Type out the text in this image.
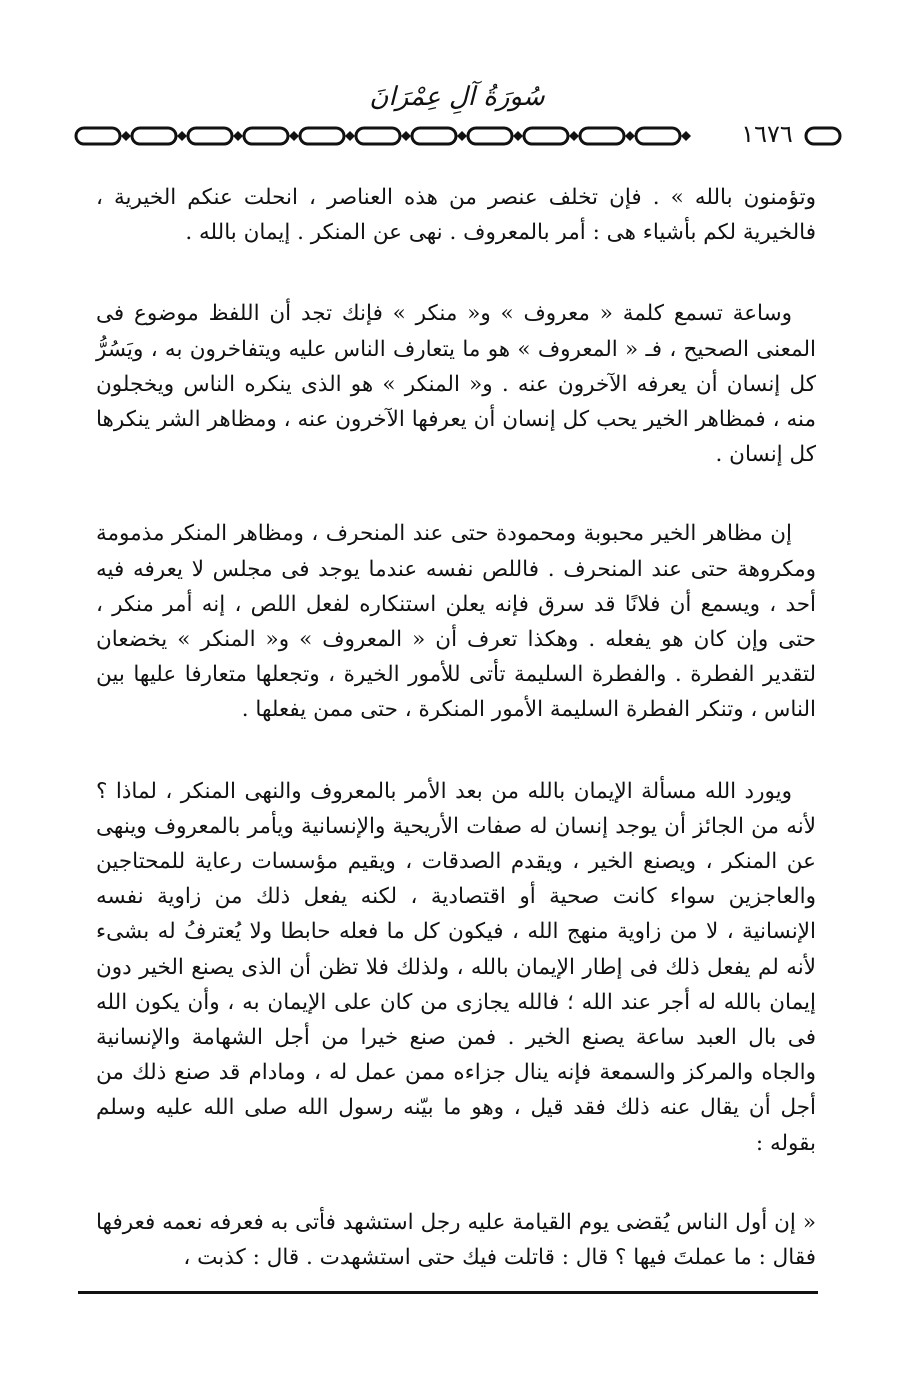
سُورَةُ آلِ عِمْرَانَ
١٦٧٦

وتؤمنون بالله » . فإن تخلف عنصر من هذه العناصر ، انحلت عنكم الخيرية ، فالخيرية لكم بأشياء هى : أمر بالمعروف . نهى عن المنكر . إيمان بالله .

وساعة تسمع كلمة « معروف » و« منكر » فإنك تجد أن اللفظ موضوع فى المعنى الصحيح ، فـ « المعروف » هو ما يتعارف الناس عليه ويتفاخرون به ، ويَسُرُّ كل إنسان أن يعرفه الآخرون عنه . و« المنكر » هو الذى ينكره الناس ويخجلون منه ، فمظاهر الخير يحب كل إنسان أن يعرفها الآخرون عنه ، ومظاهر الشر ينكرها كل إنسان .

إن مظاهر الخير محبوبة ومحمودة حتى عند المنحرف ، ومظاهر المنكر مذمومة ومكروهة حتى عند المنحرف . فاللص نفسه عندما يوجد فى مجلس لا يعرفه فيه أحد ، ويسمع أن فلانًا قد سرق فإنه يعلن استنكاره لفعل اللص ، إنه أمر منكر ، حتى وإن كان هو يفعله . وهكذا تعرف أن « المعروف » و« المنكر » يخضعان لتقدير الفطرة . والفطرة السليمة تأتى للأمور الخيرة ، وتجعلها متعارفا عليها بين الناس ، وتنكر الفطرة السليمة الأمور المنكرة ، حتى ممن يفعلها .

ويورد الله مسألة الإيمان بالله من بعد الأمر بالمعروف والنهى المنكر ، لماذا ؟ لأنه من الجائز أن يوجد إنسان له صفات الأريحية والإنسانية ويأمر بالمعروف وينهى عن المنكر ، ويصنع الخير ، ويقدم الصدقات ، ويقيم مؤسسات رعاية للمحتاجين والعاجزين سواء كانت صحية أو اقتصادية ، لكنه يفعل ذلك من زاوية نفسه الإنسانية ، لا من زاوية منهج الله ، فيكون كل ما فعله حابطا ولا يُعترفُ له بشىء لأنه لم يفعل ذلك فى إطار الإيمان بالله ، ولذلك فلا تظن أن الذى يصنع الخير دون إيمان بالله له أجر عند الله ؛ فالله يجازى من كان على الإيمان به ، وأن يكون الله فى بال العبد ساعة يصنع الخير . فمن صنع خيرا من أجل الشهامة والإنسانية والجاه والمركز والسمعة فإنه ينال جزاءه ممن عمل له ، ومادام قد صنع ذلك من أجل أن يقال عنه ذلك فقد قيل ، وهو ما بيّنه رسول الله صلى الله عليه وسلم بقوله :

« إن أول الناس يُقضى يوم القيامة عليه رجل استشهد فأتى به فعرفه نعمه فعرفها فقال : ما عملتَ فيها ؟ قال : قاتلت فيك حتى استشهدت . قال : كذبت ،
